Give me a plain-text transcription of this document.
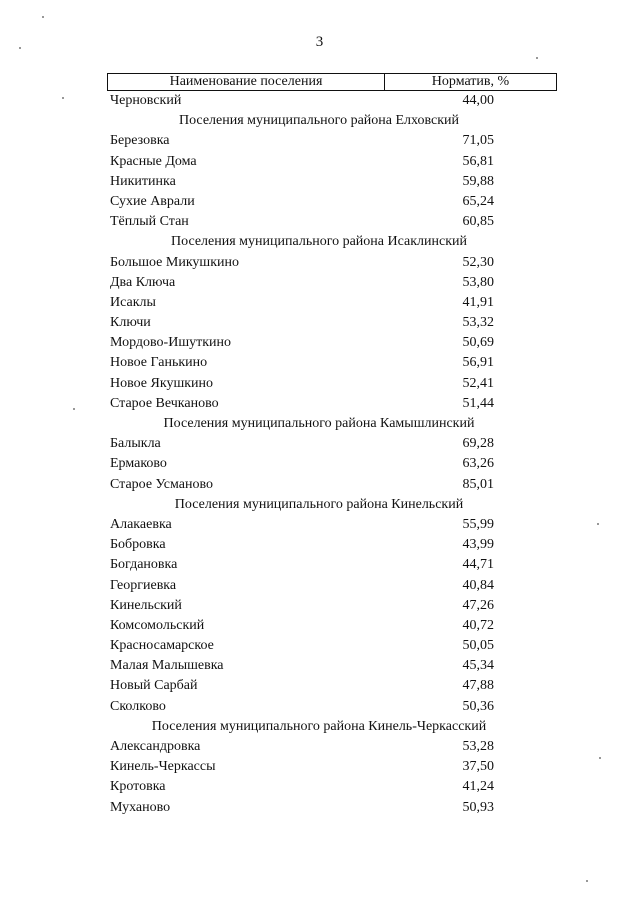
3
Наименование поселения	Норматив, %
Черновский	44,00
Поселения муниципального района Елховский
Березовка	71,05
Красные Дома	56,81
Никитинка	59,88
Сухие Аврали	65,24
Тёплый Стан	60,85
Поселения муниципального района Исаклинский
Большое Микушкино	52,30
Два Ключа	53,80
Исаклы	41,91
Ключи	53,32
Мордово-Ишуткино	50,69
Новое Ганькино	56,91
Новое Якушкино	52,41
Старое Вечканово	51,44
Поселения муниципального района Камышлинский
Балыкла	69,28
Ермаково	63,26
Старое Усманово	85,01
Поселения муниципального района Кинельский
Алакаевка	55,99
Бобровка	43,99
Богдановка	44,71
Георгиевка	40,84
Кинельский	47,26
Комсомольский	40,72
Красносамарское	50,05
Малая Малышевка	45,34
Новый Сарбай	47,88
Сколково	50,36
Поселения муниципального района Кинель-Черкасский
Александровка	53,28
Кинель-Черкассы	37,50
Кротовка	41,24
Муханово	50,93
